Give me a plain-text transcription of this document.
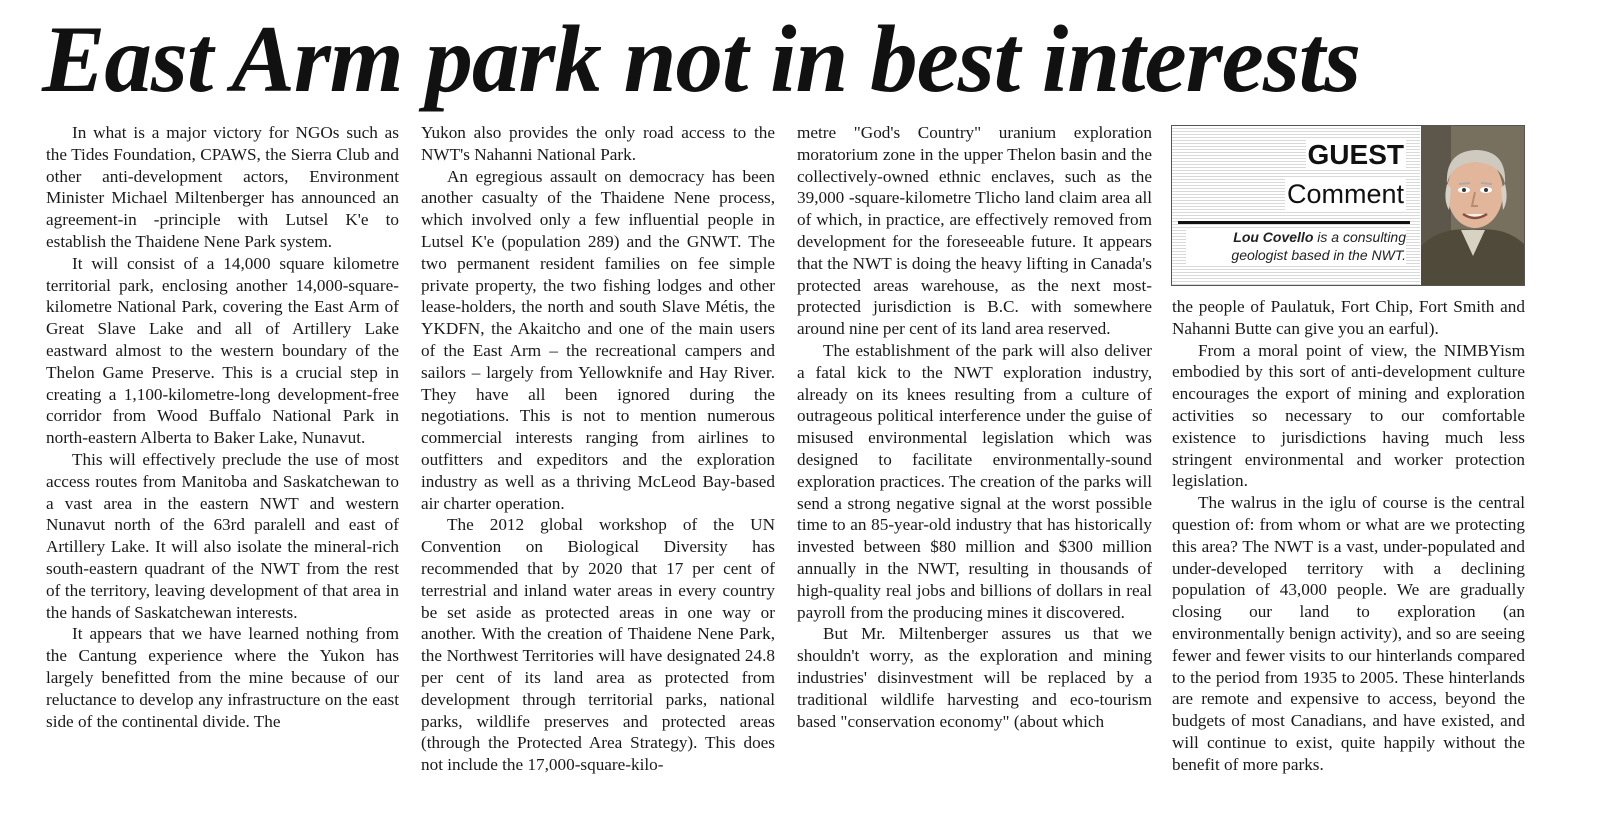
East Arm park not in best interests

In what is a major victory for NGOs such as the Tides Foundation, CPAWS, the Sierra Club and other anti-development actors, Environment Minister Michael Miltenberger has announced an agreement-in -principle with Lutsel K'e to establish the Thaidene Nene Park system.

It will consist of a 14,000 square kilometre territorial park, enclosing another 14,000-square-kilometre National Park, covering the East Arm of Great Slave Lake and all of Artillery Lake eastward almost to the western boundary of the Thelon Game Preserve. This is a crucial step in creating a 1,100-kilometre-long development-free corridor from Wood Buffalo National Park in north-eastern Alberta to Baker Lake, Nunavut.

This will effectively preclude the use of most access routes from Manitoba and Saskatchewan to a vast area in the eastern NWT and western Nunavut north of the 63rd paralell and east of Artillery Lake. It will also isolate the mineral-rich south-eastern quadrant of the NWT from the rest of the territory, leaving development of that area in the hands of Saskatchewan interests.

It appears that we have learned nothing from the Cantung experience where the Yukon has largely benefitted from the mine because of our reluctance to develop any infrastructure on the east side of the continental divide. The

Yukon also provides the only road access to the NWT's Nahanni National Park.

An egregious assault on democracy has been another casualty of the Thaidene Nene process, which involved only a few influential people in Lutsel K'e (population 289) and the GNWT. The two permanent resident families on fee simple private property, the two fishing lodges and other lease-holders, the north and south Slave Métis, the YKDFN, the Akaitcho and one of the main users of the East Arm – the recreational campers and sailors – largely from Yellowknife and Hay River. They have all been ignored during the negotiations. This is not to mention numerous commercial interests ranging from airlines to outfitters and expeditors and the exploration industry as well as a thriving McLeod Bay-based air charter operation.

The 2012 global workshop of the UN Convention on Biological Diversity has recommended that by 2020 that 17 per cent of terrestrial and inland water areas in every country be set aside as protected areas in one way or another. With the creation of Thaidene Nene Park, the Northwest Territories will have designated 24.8 per cent of its land area as protected from development through territorial parks, national parks, wildlife preserves and protected areas (through the Protected Area Strategy). This does not include the 17,000-square-kilo-

metre "God's Country" uranium exploration moratorium zone in the upper Thelon basin and the collectively-owned ethnic enclaves, such as the 39,000 -square-kilometre Tlicho land claim area all of which, in practice, are effectively removed from development for the foreseeable future. It appears that the NWT is doing the heavy lifting in Canada's protected areas warehouse, as the next most-protected jurisdiction is B.C. with somewhere around nine per cent of its land area reserved.

The establishment of the park will also deliver a fatal kick to the NWT exploration industry, already on its knees resulting from a culture of outrageous political interference under the guise of misused environmental legislation which was designed to facilitate environmentally-sound exploration practices. The creation of the parks will send a strong negative signal at the worst possible time to an 85-year-old industry that has historically invested between $80 million and $300 million annually in the NWT, resulting in thousands of high-quality real jobs and billions of dollars in real payroll from the producing mines it discovered.

But Mr. Miltenberger assures us that we shouldn't worry, as the exploration and mining industries' disinvestment will be replaced by a traditional wildlife harvesting and eco-tourism based "conservation economy" (about which

GUEST
Comment
Lou Covello is a consulting geologist based in the NWT.

the people of Paulatuk, Fort Chip, Fort Smith and Nahanni Butte can give you an earful).

From a moral point of view, the NIMBYism embodied by this sort of anti-development culture encourages the export of mining and exploration activities so necessary to our comfortable existence to jurisdictions having much less stringent environmental and worker protection legislation.

The walrus in the iglu of course is the central question of: from whom or what are we protecting this area? The NWT is a vast, under-populated and under-developed territory with a declining population of 43,000 people. We are gradually closing our land to exploration (an environmentally benign activity), and so are seeing fewer and fewer visits to our hinterlands compared to the period from 1935 to 2005. These hinterlands are remote and expensive to access, beyond the budgets of most Canadians, and have existed, and will continue to exist, quite happily without the benefit of more parks.
